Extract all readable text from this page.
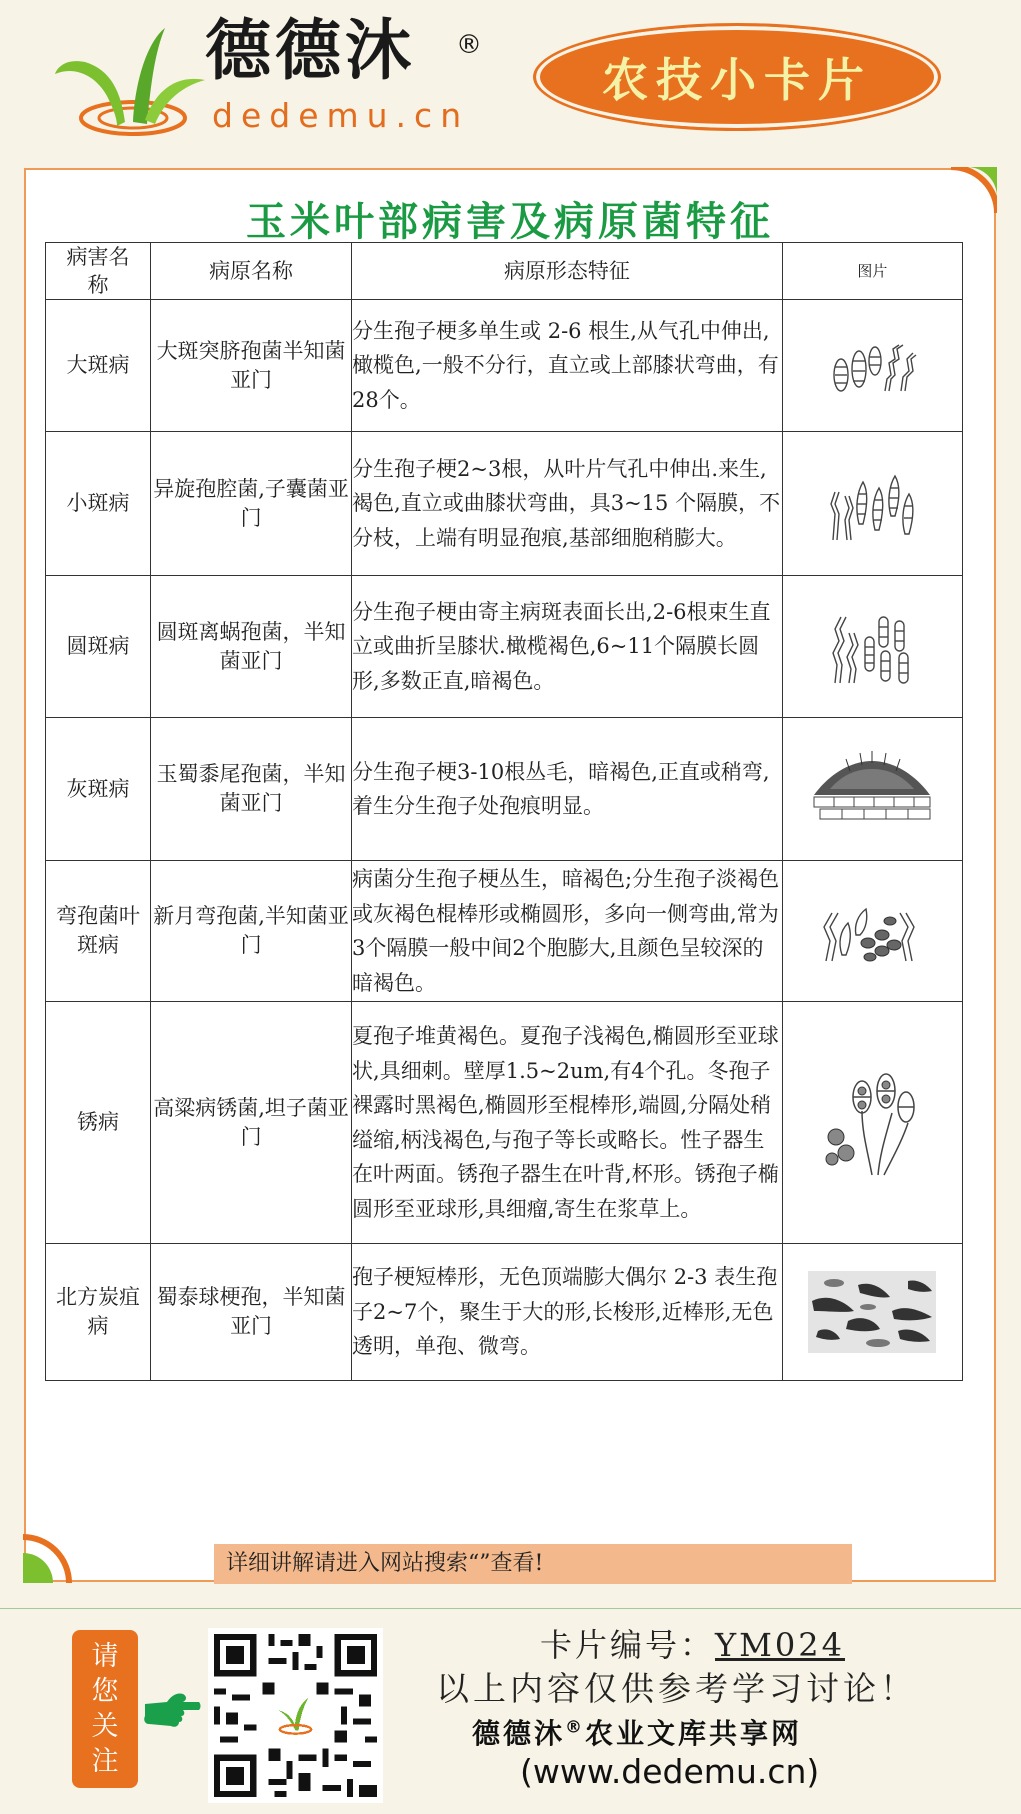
德德沐 ®
dedemu.cn
农技小卡片
玉米叶部病害及病原菌特征
病害名称	病原名称	病原形态特征	图片
大斑病	大斑突脐孢菌半知菌亚门	分生孢子梗多单生或 2-6 根生,从气孔中伸出,橄榄色,一般不分行，直立或上部膝状弯曲，有28个。	

小斑病	异旋孢腔菌,子囊菌亚门	分生孢子梗2~3根，从叶片气孔中伸出.来生,褐色,直立或曲膝状弯曲，具3~15 个隔膜，不分枝，上端有明显孢痕,基部细胞稍膨大。	

圆斑病	圆斑离蜗孢菌，半知菌亚门	分生孢子梗由寄主病斑表面长出,2-6根束生直立或曲折呈膝状.橄榄褐色,6~11个隔膜长圆形,多数正直,暗褐色。	

灰斑病	玉蜀黍尾孢菌，半知菌亚门	分生孢子梗3-10根丛毛，暗褐色,正直或稍弯,着生分生孢子处孢痕明显。	

弯孢菌叶斑病	新月弯孢菌,半知菌亚门	病菌分生孢子梗丛生，暗褐色;分生孢子淡褐色或灰褐色棍棒形或椭圆形，多向一侧弯曲,常为3个隔膜一般中间2个胞膨大,且颜色呈较深的暗褐色。	

锈病	高粱病锈菌,坦子菌亚门	夏孢子堆黄褐色。夏孢子浅褐色,椭圆形至亚球状,具细刺。壁厚1.5~2um,有4个孔。冬孢子裸露时黑褐色,椭圆形至棍棒形,端圆,分隔处稍缢缩,柄浅褐色,与孢子等长或略长。性子器生在叶两面。锈孢子器生在叶背,杯形。锈孢子椭圆形至亚球形,具细瘤,寄生在浆草上。	

北方炭疽病	蜀泰球梗孢，半知菌亚门	孢子梗短棒形，无色顶端膨大偶尔 2-3 表生孢子2~7个，聚生于大的形,长梭形,近棒形,无色透明，单孢、微弯。	
详细讲解请进入网站搜索“”查看!
请
您
关
注
卡片编号：YM024
以上内容仅供参考学习讨论！
德德沐®农业文库共享网
(www.dedemu.cn)
